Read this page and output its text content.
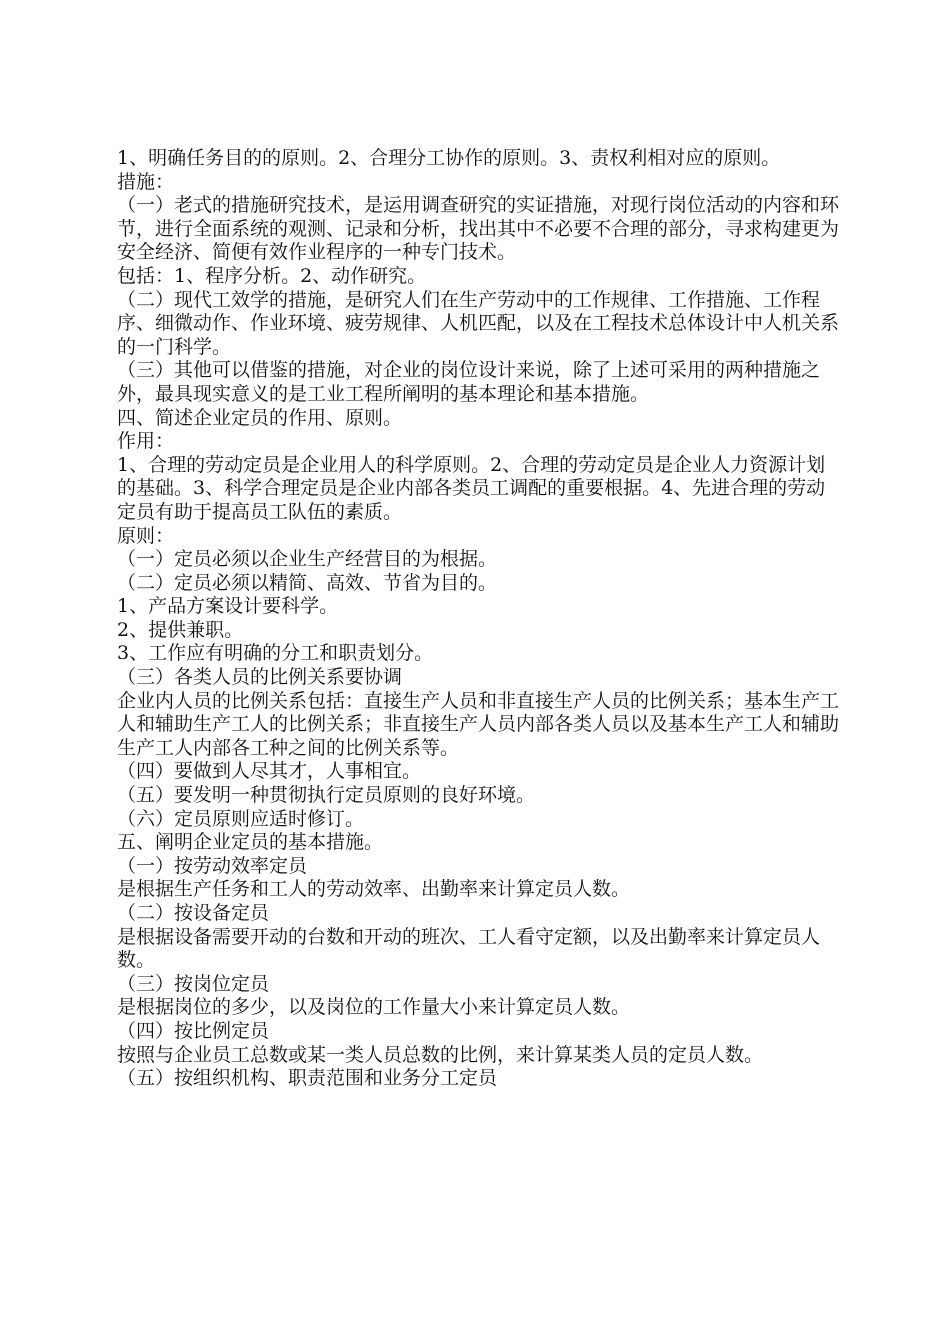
1、明确任务目的的原则。2、合理分工协作的原则。3、责权利相对应的原则。

措施：

（一）老式的措施研究技术，是运用调查研究的实证措施，对现行岗位活动的内容和环节，进行全面系统的观测、记录和分析，找出其中不必要不合理的部分，寻求构建更为安全经济、简便有效作业程序的一种专门技术。

包括：1、程序分析。2、动作研究。

（二）现代工效学的措施，是研究人们在生产劳动中的工作规律、工作措施、工作程序、细微动作、作业环境、疲劳规律、人机匹配，以及在工程技术总体设计中人机关系的一门科学。

（三）其他可以借鉴的措施，对企业的岗位设计来说，除了上述可采用的两种措施之外，最具现实意义的是工业工程所阐明的基本理论和基本措施。

四、简述企业定员的作用、原则。

作用：

1、合理的劳动定员是企业用人的科学原则。2、合理的劳动定员是企业人力资源计划的基础。3、科学合理定员是企业内部各类员工调配的重要根据。4、先进合理的劳动定员有助于提高员工队伍的素质。

原则：

（一）定员必须以企业生产经营目的为根据。

（二）定员必须以精简、高效、节省为目的。

1、产品方案设计要科学。

2、提供兼职。

3、工作应有明确的分工和职责划分。

（三）各类人员的比例关系要协调

企业内人员的比例关系包括：直接生产人员和非直接生产人员的比例关系；基本生产工人和辅助生产工人的比例关系；非直接生产人员内部各类人员以及基本生产工人和辅助生产工人内部各工种之间的比例关系等。

（四）要做到人尽其才，人事相宜。

（五）要发明一种贯彻执行定员原则的良好环境。

（六）定员原则应适时修订。

五、阐明企业定员的基本措施。

（一）按劳动效率定员

是根据生产任务和工人的劳动效率、出勤率来计算定员人数。

（二）按设备定员

是根据设备需要开动的台数和开动的班次、工人看守定额，以及出勤率来计算定员人数。

（三）按岗位定员

是根据岗位的多少，以及岗位的工作量大小来计算定员人数。

（四）按比例定员

按照与企业员工总数或某一类人员总数的比例，来计算某类人员的定员人数。

（五）按组织机构、职责范围和业务分工定员
